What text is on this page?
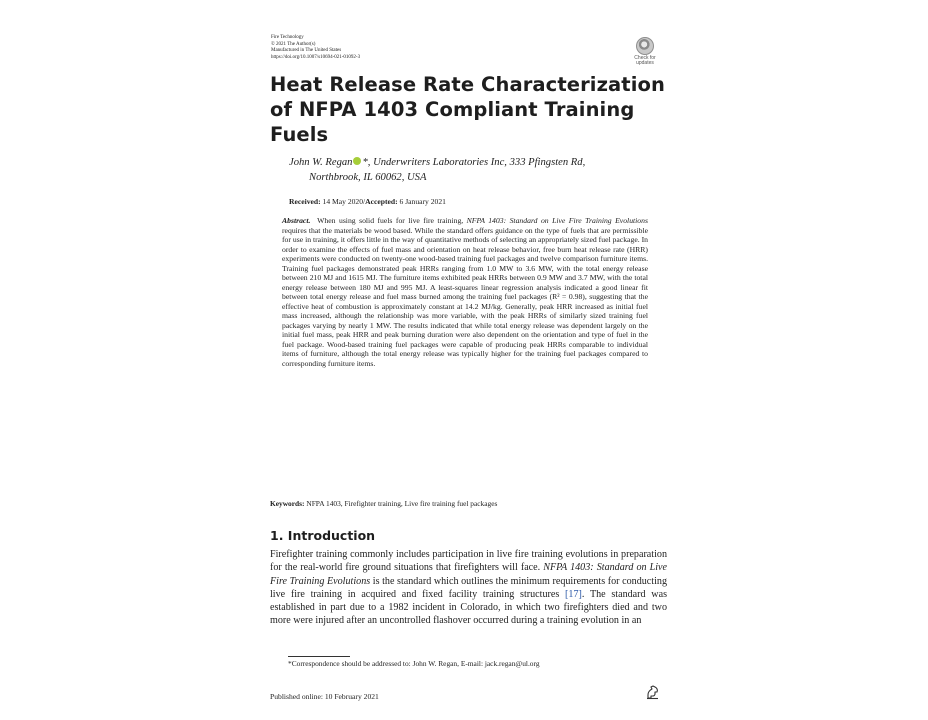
Fire Technology
© 2021 The Author(s)
Manufactured in The United States
https://doi.org/10.1007/s10694-021-01092-3	Check for
updates
Heat Release Rate Characterization
of NFPA 1403 Compliant Training Fuels
John W. Regan *, Underwriters Laboratories Inc, 333 Pfingsten Rd,
Northbrook, IL 60062, USA
Received: 14 May 2020/Accepted: 6 January 2021
Abstract. When using solid fuels for live fire training, NFPA 1403: Standard on Live Fire Training Evolutions requires that the materials be wood based. While the standard offers guidance on the type of fuels that are permissible for use in training, it offers little in the way of quantitative methods of selecting an appropriately sized fuel package. In order to examine the effects of fuel mass and orientation on heat release behavior, free burn heat release rate (HRR) experiments were conducted on twenty-one wood-based training fuel packages and twelve comparison furniture items. Training fuel packages demonstrated peak HRRs ranging from 1.0 MW to 3.6 MW, with the total energy release between 210 MJ and 1615 MJ. The furniture items exhibited peak HRRs between 0.9 MW and 3.7 MW, with the total energy release between 180 MJ and 995 MJ. A least-squares linear regression analysis indicated a good linear fit between total energy release and fuel mass burned among the training fuel packages (R² = 0.98), suggesting that the effective heat of combustion is approximately constant at 14.2 MJ/kg. Generally, peak HRR increased as initial fuel mass increased, although the relationship was more variable, with the peak HRRs of similarly sized training fuel packages varying by nearly 1 MW. The results indicated that while total energy release was dependent largely on the initial fuel mass, peak HRR and peak burning duration were also dependent on the orientation and type of fuel in the fuel package. Wood-based training fuel packages were capable of producing peak HRRs comparable to individual items of furniture, although the total energy release was typically higher for the training fuel packages compared to corresponding furniture items.
Keywords: NFPA 1403, Firefighter training, Live fire training fuel packages
1. Introduction
Firefighter training commonly includes participation in live fire training evolutions in preparation for the real-world fire ground situations that firefighters will face. NFPA 1403: Standard on Live Fire Training Evolutions is the standard which outlines the minimum requirements for conducting live fire training in acquired and fixed facility training structures [17]. The standard was established in part due to a 1982 incident in Colorado, in which two firefighters died and two more were injured after an uncontrolled flashover occurred during a training evolution in an
*Correspondence should be addressed to: John W. Regan, E-mail: jack.regan@ul.org
Published online: 10 February 2021
